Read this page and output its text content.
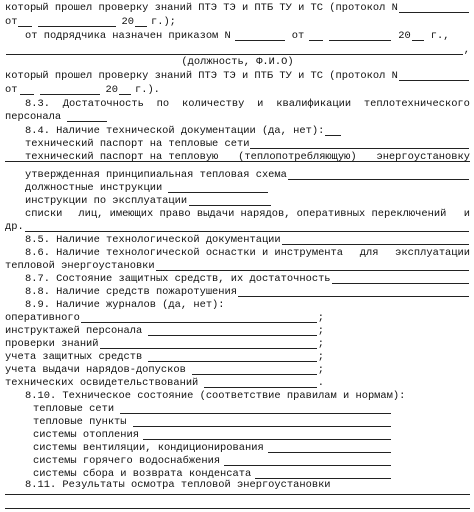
который прошел проверку знаний ПТЭ ТЭ и ПТБ ТУ и ТС (протокол N
от	20 г.);
от подрядчика назначен приказом N	от	20 г.,
,
(должность, Ф.И.О)
который прошел проверку знаний ПТЭ ТЭ и ПТБ ТУ и ТС (протокол N
от	20 г.).
8.3. Достаточность по количеству и квалификации теплотехнического
персонала
8.4. Наличие технической документации (да, нет):
технический паспорт на тепловые сети
технический паспорт на тепловую (теплопотребляющую) энергоустановку
утвержденная принципиальная тепловая схема
должностные инструкции
инструкции по эксплуатации
списки лиц, имеющих право выдачи нарядов, оперативных переключений и
др.
8.5. Наличие технологической документации
8.6. Наличие технологической оснастки и инструмента для эксплуатации
тепловой энергоустановки
8.7. Состояние защитных средств, их достаточность
8.8. Наличие средств пожаротушения
8.9. Наличие журналов (да, нет):
оперативного	;
инструктажей персонала	;
проверки знаний	;
учета защитных средств	;
учета выдачи нарядов-допусков	;
технических освидетельствований	.
8.10. Техническое состояние (соответствие правилам и нормам):
тепловые сети
тепловые пункты
системы отопления
системы вентиляции, кондиционирования
системы горячего водоснабжения
системы сбора и возврата конденсата
8.11. Результаты осмотра тепловой энергоустановки
